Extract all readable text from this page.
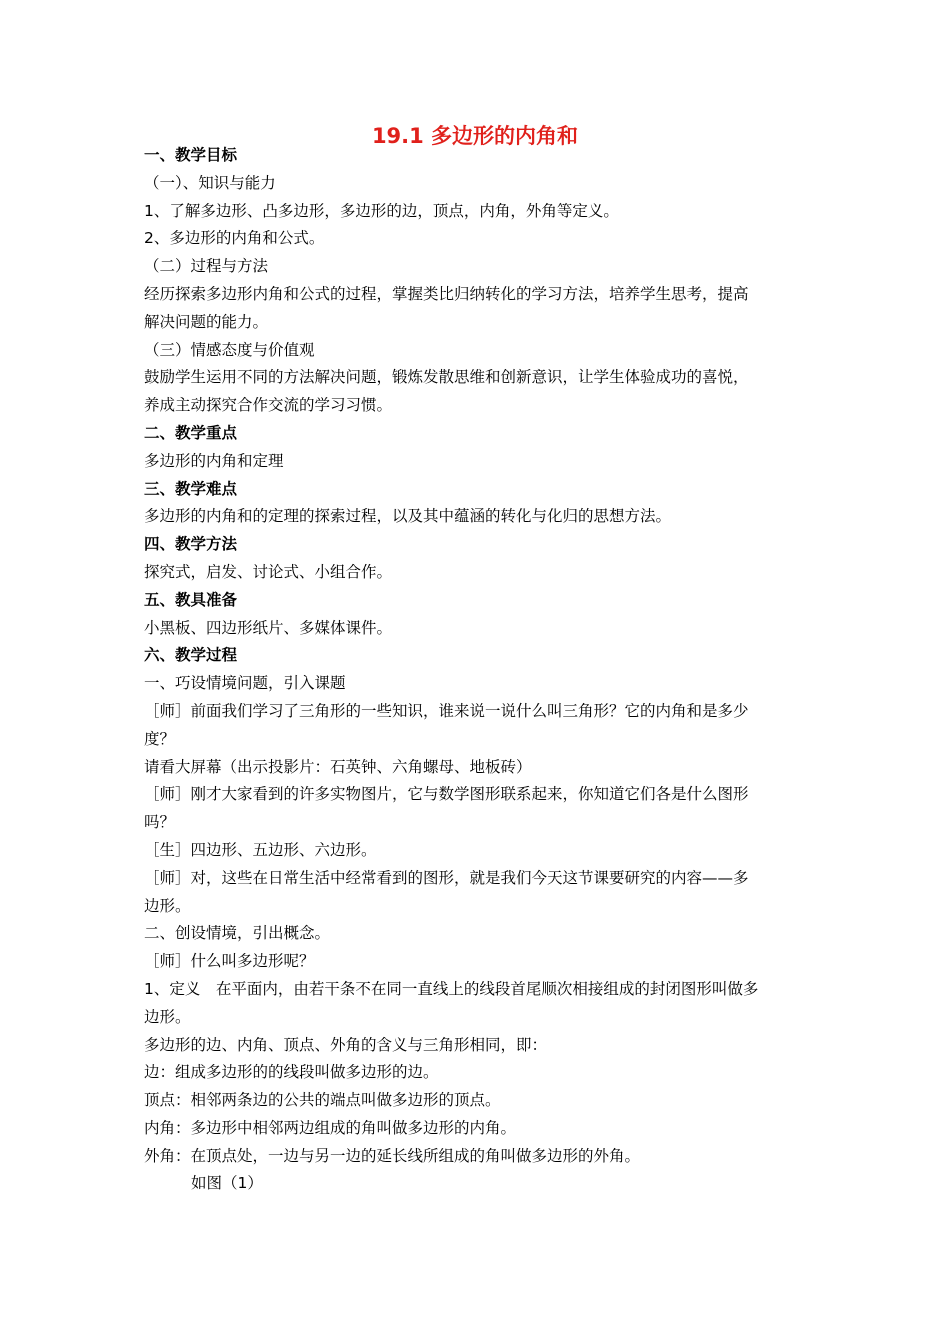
19.1 多边形的内角和

一、教学目标

（一）、知识与能力

1、了解多边形、凸多边形，多边形的边，顶点，内角，外角等定义。

2、多边形的内角和公式。

（二）过程与方法

经历探索多边形内角和公式的过程，掌握类比归纳转化的学习方法，培养学生思考，提高

解决问题的能力。

（三）情感态度与价值观

鼓励学生运用不同的方法解决问题，锻炼发散思维和创新意识，让学生体验成功的喜悦，

养成主动探究合作交流的学习习惯。

二、教学重点

多边形的内角和定理

三、教学难点

多边形的内角和的定理的探索过程，以及其中蕴涵的转化与化归的思想方法。

四、教学方法

探究式，启发、讨论式、小组合作。

五、教具准备

小黑板、四边形纸片、多媒体课件。

六、教学过程

一、巧设情境问题，引入课题

［师］前面我们学习了三角形的一些知识，谁来说一说什么叫三角形？它的内角和是多少

度？

请看大屏幕（出示投影片：石英钟、六角螺母、地板砖）

［师］刚才大家看到的许多实物图片，它与数学图形联系起来，你知道它们各是什么图形

吗？

［生］四边形、五边形、六边形。

［师］对，这些在日常生活中经常看到的图形，就是我们今天这节课要研究的内容——多

边形。

二、创设情境，引出概念。

［师］什么叫多边形呢？

1、定义　在平面内，由若干条不在同一直线上的线段首尾顺次相接组成的封闭图形叫做多

边形。

多边形的边、内角、顶点、外角的含义与三角形相同，即：

边：组成多边形的的线段叫做多边形的边。

顶点：相邻两条边的公共的端点叫做多边形的顶点。

内角：多边形中相邻两边组成的角叫做多边形的内角。

外角：在顶点处，一边与另一边的延长线所组成的角叫做多边形的外角。

如图（1）
